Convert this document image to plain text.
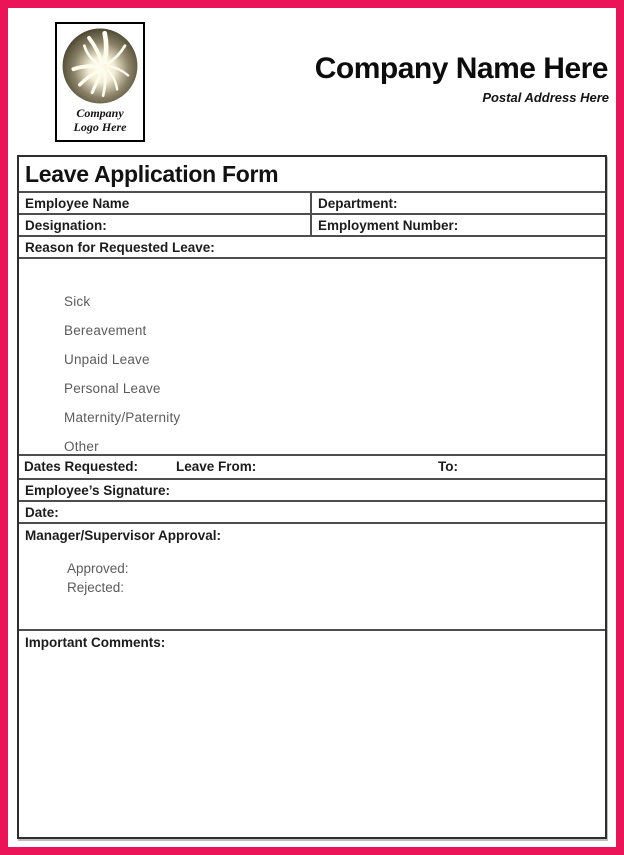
Company
Logo Here
Company Name Here
Postal Address Here
Leave Application Form
Employee Name	Department:
Designation:	Employment Number:
Reason for Requested Leave:
Sick
Bereavement
Unpaid Leave
Personal Leave
Maternity/Paternity
Other
Dates Requested:	Leave From:	To:
Employee’s Signature:
Date:
Manager/Supervisor Approval:
Approved:
Rejected:
Important Comments:
